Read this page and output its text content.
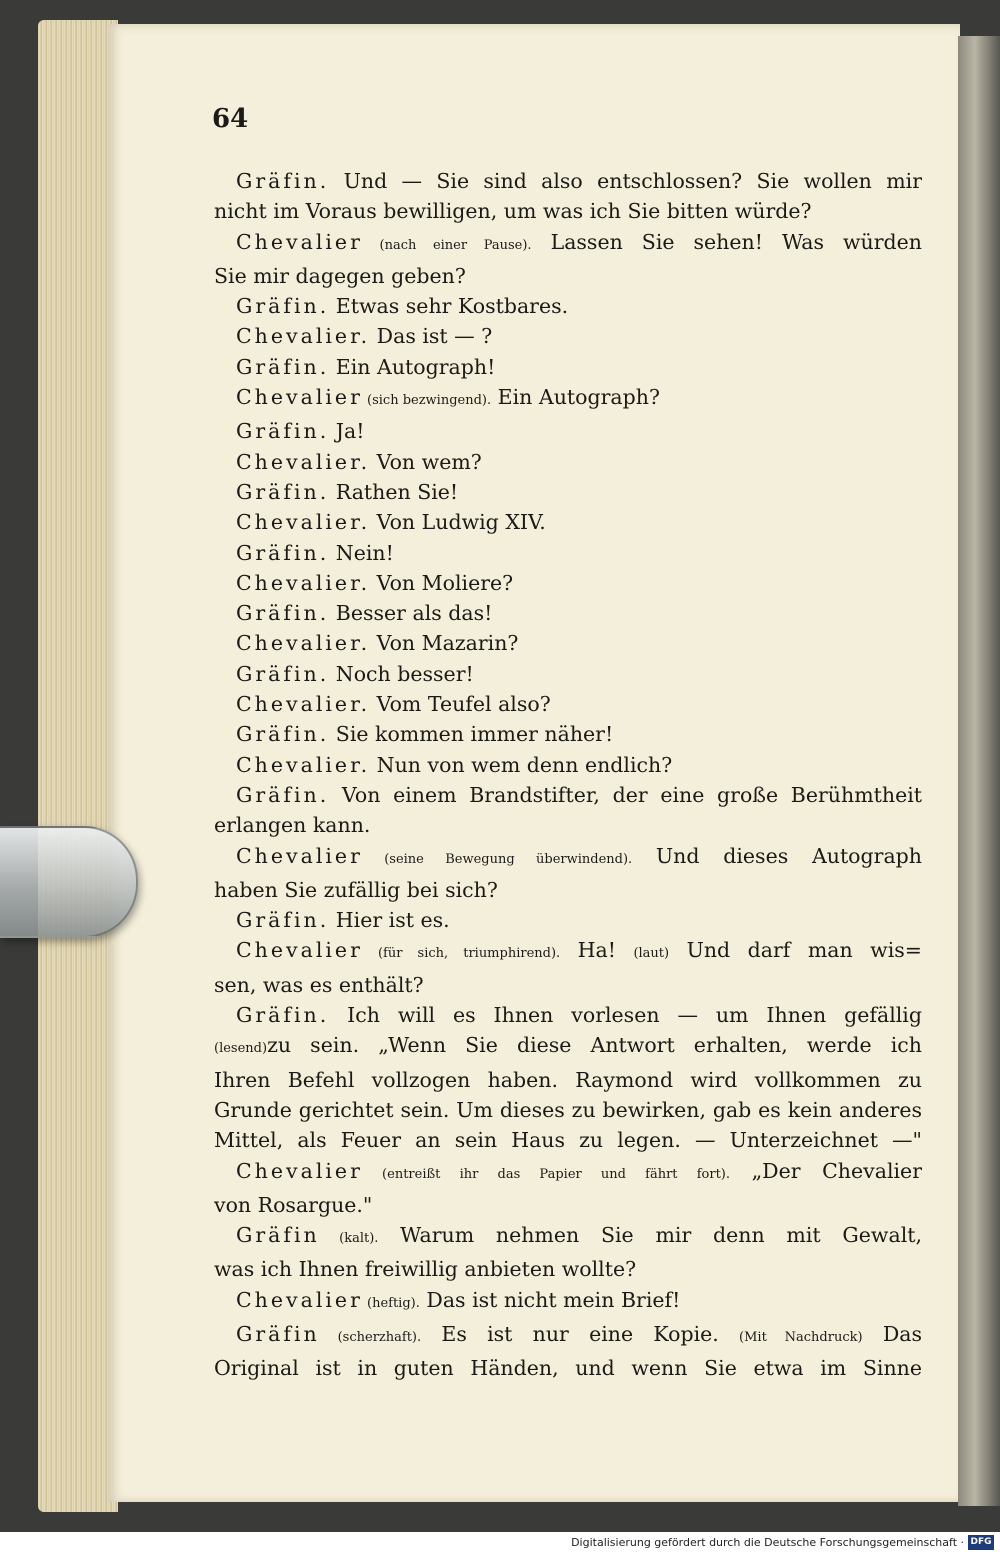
64
Gräfin. Und — Sie sind also entschlossen? Sie wollen mir
nicht im Voraus bewilligen, um was ich Sie bitten würde?
Chevalier (nach einer Pause). Lassen Sie sehen! Was würden
Sie mir dagegen geben?
Gräfin. Etwas sehr Kostbares.
Chevalier. Das ist — ?
Gräfin. Ein Autograph!
Chevalier (sich bezwingend). Ein Autograph?
Gräfin. Ja!
Chevalier. Von wem?
Gräfin. Rathen Sie!
Chevalier. Von Ludwig XIV.
Gräfin. Nein!
Chevalier. Von Moliere?
Gräfin. Besser als das!
Chevalier. Von Mazarin?
Gräfin. Noch besser!
Chevalier. Vom Teufel also?
Gräfin. Sie kommen immer näher!
Chevalier. Nun von wem denn endlich?
Gräfin. Von einem Brandstifter, der eine große Berühmtheit
erlangen kann.
Chevalier (seine Bewegung überwindend). Und dieses Autograph
haben Sie zufällig bei sich?
Gräfin. Hier ist es.
Chevalier (für sich, triumphirend). Ha! (laut) Und darf man wis=
sen, was es enthält?
Gräfin. Ich will es Ihnen vorlesen — um Ihnen gefällig
(lesend)zu sein. „Wenn Sie diese Antwort erhalten, werde ich
Ihren Befehl vollzogen haben. Raymond wird vollkommen zu
Grunde gerichtet sein. Um dieses zu bewirken, gab es kein anderes
Mittel, als Feuer an sein Haus zu legen. — Unterzeichnet —"
Chevalier (entreißt ihr das Papier und fährt fort). „Der Chevalier
von Rosargue."
Gräfin (kalt). Warum nehmen Sie mir denn mit Gewalt,
was ich Ihnen freiwillig anbieten wollte?
Chevalier (heftig). Das ist nicht mein Brief!
Gräfin (scherzhaft). Es ist nur eine Kopie. (Mit Nachdruck) Das
Original ist in guten Händen, und wenn Sie etwa im Sinne
Digitalisierung gefördert durch die Deutsche Forschungsgemeinschaft · DFG
